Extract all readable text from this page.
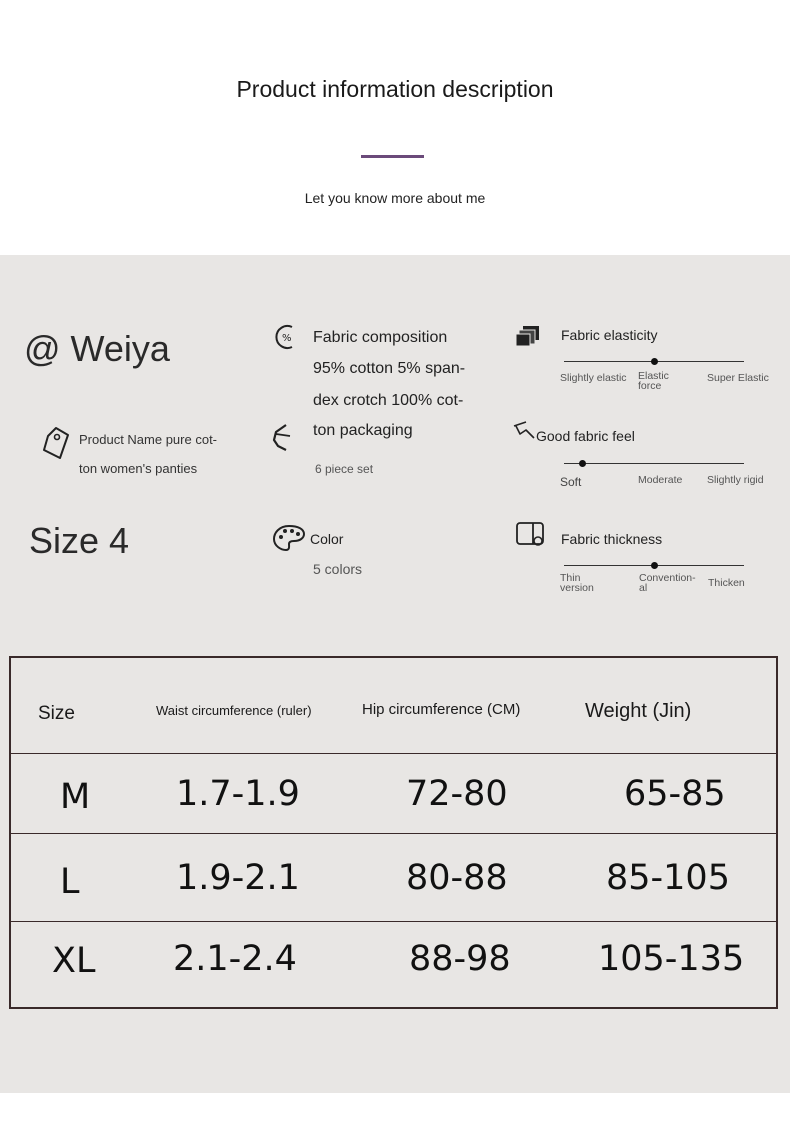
Product information description
Let you know more about me
@ Weiya	% Fabric composition
95% cotton 5% span-
dex crotch 100% cot-
ton packaging
Product Name pure cot-
ton women's panties	6 piece set
Size 4	Color
5 colors
Fabric elasticity
Slightly elastic Elastic
force
Super Elastic
Good fabric feel
Soft	Moderate Slightly rigid
Fabric thickness
Thin
version
Convention-
al	Thicken
Size	Waist circumference (ruler)	Hip circumference (CM)	Weight (Jin)
M 1.7-1.9	72-80	65-85
L	1.9-2.1	80-88	85-105
XL 2.1-2.4	88-98 105-135
